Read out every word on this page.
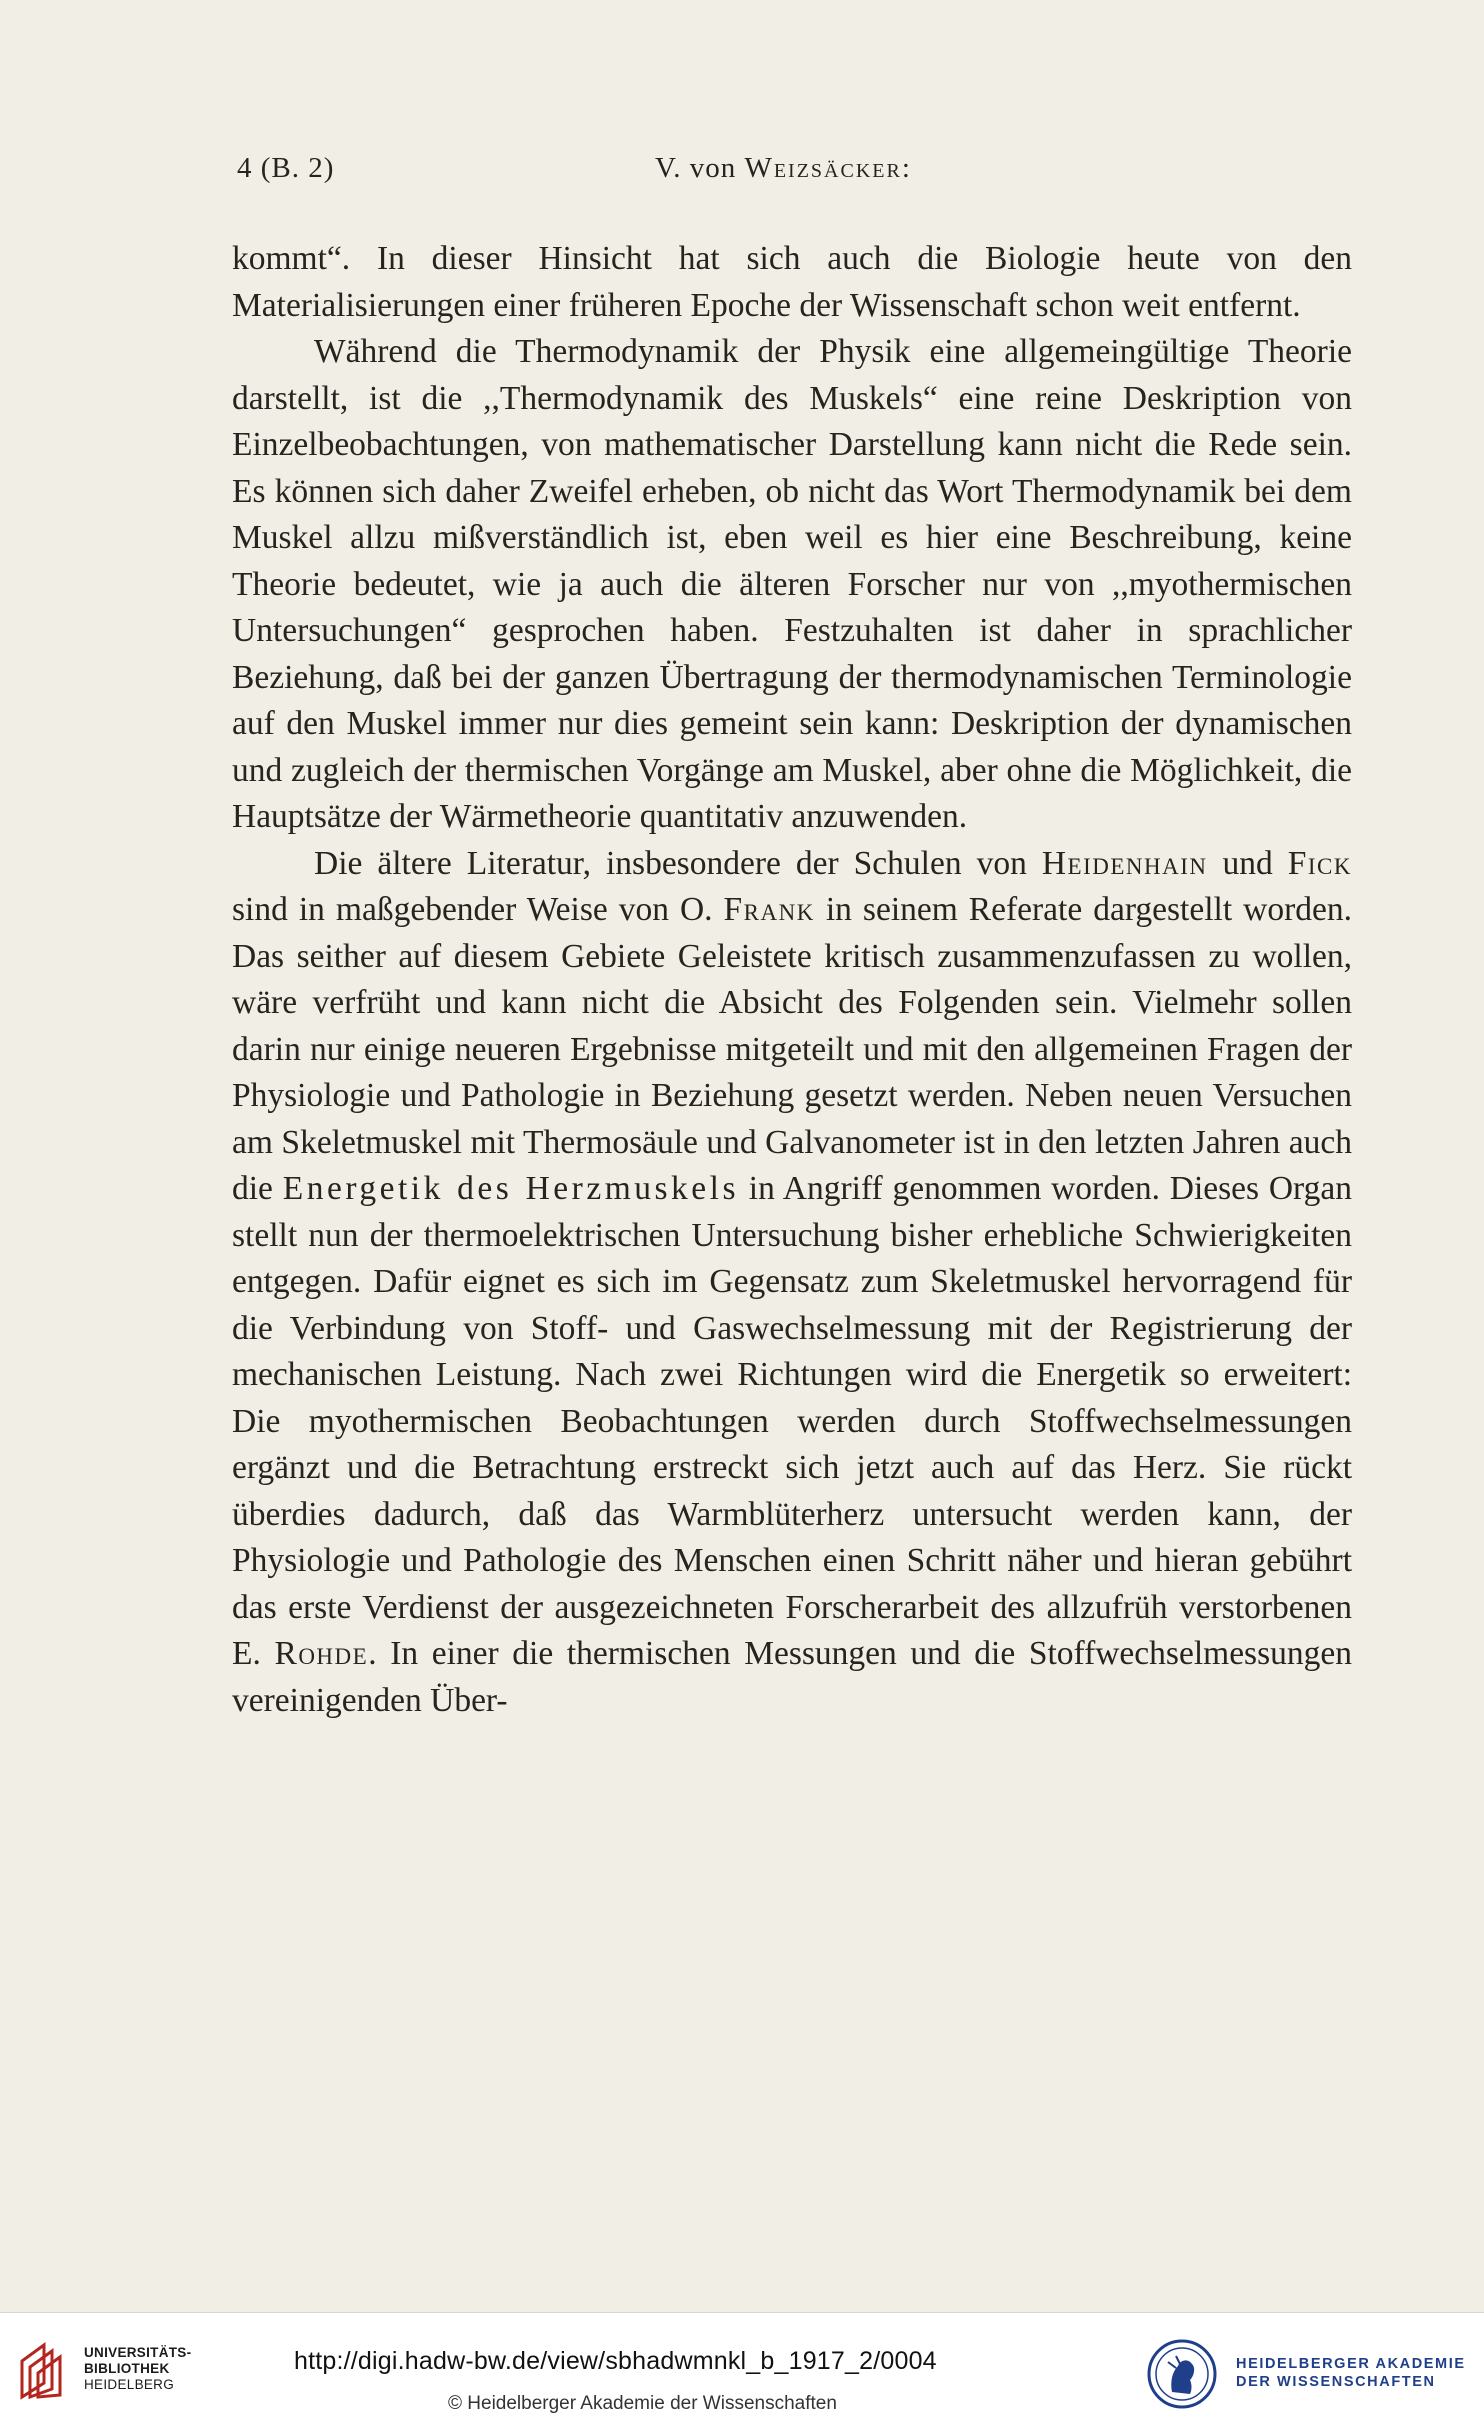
4 (B. 2)	V. von Weizsäcker:

kommt“. In dieser Hinsicht hat sich auch die Biologie heute von den Materialisierungen einer früheren Epoche der Wissenschaft schon weit entfernt.

Während die Thermodynamik der Physik eine allgemeingültige Theorie darstellt, ist die ,,Thermodynamik des Muskels“ eine reine Deskription von Einzelbeobachtungen, von mathematischer Darstellung kann nicht die Rede sein. Es können sich daher Zweifel erheben, ob nicht das Wort Thermodynamik bei dem Muskel allzu mißverständlich ist, eben weil es hier eine Beschreibung, keine Theorie bedeutet, wie ja auch die älteren Forscher nur von ,,myothermischen Untersuchungen“ gesprochen haben. Festzuhalten ist daher in sprachlicher Beziehung, daß bei der ganzen Übertragung der thermodynamischen Terminologie auf den Muskel immer nur dies gemeint sein kann: Deskription der dynamischen und zugleich der thermischen Vorgänge am Muskel, aber ohne die Möglichkeit, die Hauptsätze der Wärmetheorie quantitativ anzuwenden.

Die ältere Literatur, insbesondere der Schulen von Heidenhain und Fick sind in maßgebender Weise von O. Frank in seinem Referate dargestellt worden. Das seither auf diesem Gebiete Geleistete kritisch zusammenzufassen zu wollen, wäre verfrüht und kann nicht die Absicht des Folgenden sein. Vielmehr sollen darin nur einige neueren Ergebnisse mitgeteilt und mit den allgemeinen Fragen der Physiologie und Pathologie in Beziehung gesetzt werden. Neben neuen Versuchen am Skeletmuskel mit Thermosäule und Galvanometer ist in den letzten Jahren auch die Energetik des Herzmuskels in Angriff genommen worden. Dieses Organ stellt nun der thermoelektrischen Untersuchung bisher erhebliche Schwierigkeiten entgegen. Dafür eignet es sich im Gegensatz zum Skeletmuskel hervorragend für die Verbindung von Stoff- und Gaswechselmessung mit der Registrierung der mechanischen Leistung. Nach zwei Richtungen wird die Energetik so erweitert: Die myothermischen Beobachtungen werden durch Stoffwechselmessungen ergänzt und die Betrachtung erstreckt sich jetzt auch auf das Herz. Sie rückt überdies dadurch, daß das Warmblüterherz untersucht werden kann, der Physiologie und Pathologie des Menschen einen Schritt näher und hieran gebührt das erste Verdienst der ausgezeichneten Forscherarbeit des allzufrüh verstorbenen E. Rohde. In einer die thermischen Messungen und die Stoffwechselmessungen vereinigenden Über-

UNIVERSITÄTS-
BIBLIOTHEK
HEIDELBERG
http://digi.hadw-bw.de/view/sbhadwmnkl_b_1917_2/0004
© Heidelberger Akademie der Wissenschaften
HEIDELBERGER AKADEMIE
DER WISSENSCHAFTEN
